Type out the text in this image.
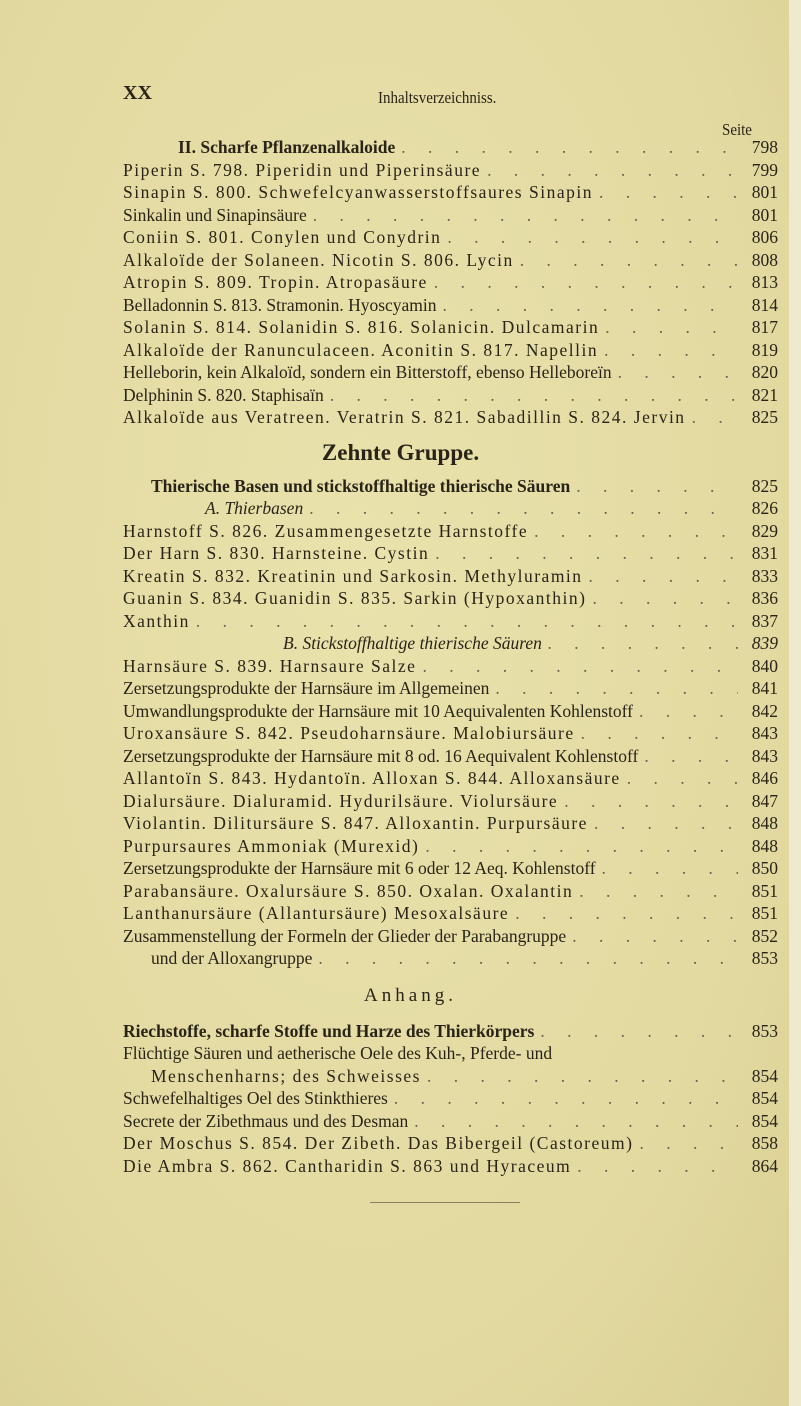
XX	Inhaltsverzeichniss.
Seite
II. Scharfe Pflanzenalkaloide . . .	798
Piperin S. 798. Piperidin und Piperinsäure . . .	799
Sinapin S. 800. Schwefelcyanwasserstoffsaures Sinapin . . .	801
Sinkalin und Sinapinsäure . . .	801
Coniin S. 801. Conylen und Conydrin . . .	806
Alkaloïde der Solaneen. Nicotin S. 806. Lycin . . .	808
Atropin S. 809. Tropin. Atropasäure . . .	813
Belladonnin S. 813. Stramonin. Hyoscyamin . . .	814
Solanin S. 814. Solanidin S. 816. Solanicin. Dulcamarin . . .	817
Alkaloïde der Ranunculaceen. Aconitin S. 817. Napellin . . .	819
Helleborin, kein Alkaloïd, sondern ein Bitterstoff, ebenso Helleboreïn . . .	820
Delphinin S. 820. Staphisaïn . . .	821
Alkaloïde aus Veratreen. Veratrin S. 821. Sabadillin S. 824. Jervin . . .	825
Zehnte Gruppe.
Thierische Basen und stickstoffhaltige thierische Säuren . . .	825
A. Thierbasen . . .	826
Harnstoff S. 826. Zusammengesetzte Harnstoffe . . .	829
Der Harn S. 830. Harnsteine. Cystin . . .	831
Kreatin S. 832. Kreatinin und Sarkosin. Methyluramin . . .	833
Guanin S. 834. Guanidin S. 835. Sarkin (Hypoxanthin) . . .	836
Xanthin . . .	837
B. Stickstoffhaltige thierische Säuren . . .	839
Harnsäure S. 839. Harnsaure Salze . . .	840
Zersetzungsprodukte der Harnsäure im Allgemeinen . . .	841
Umwandlungsprodukte der Harnsäure mit 10 Aequivalenten Kohlenstoff . . .	842
Uroxansäure S. 842. Pseudoharnsäure. Malobiursäure . . .	843
Zersetzungsprodukte der Harnsäure mit 8 od. 16 Aequivalent Kohlenstoff . . .	843
Allantoïn S. 843. Hydantoïn. Alloxan S. 844. Alloxansäure . . .	846
Dialursäure. Dialuramid. Hydurilsäure. Violursäure . . .	847
Violantin. Dilitursäure S. 847. Alloxantin. Purpursäure . . .	848
Purpursaures Ammoniak (Murexid) . . .	848
Zersetzungsprodukte der Harnsäure mit 6 oder 12 Aeq. Kohlenstoff . . .	850
Parabansäure. Oxalursäure S. 850. Oxalan. Oxalantin . . .	851
Lanthanursäure (Allantursäure) Mesoxalsäure . . .	851
Zusammenstellung der Formeln der Glieder der Parabangruppe . . .	852
und der Alloxangruppe . . .	853
Anhang.
Riechstoffe, scharfe Stoffe und Harze des Thierkörpers . . .	853
Flüchtige Säuren und aetherische Oele des Kuh-, Pferde- und
Menschenharns; des Schweisses . . .	854
Schwefelhaltiges Oel des Stinkthieres . . .	854
Secrete der Zibethmaus und des Desman . . .	854
Der Moschus S. 854. Der Zibeth. Das Bibergeil (Castoreum) . . .	858
Die Ambra S. 862. Cantharidin S. 863 und Hyraceum . . .	864
